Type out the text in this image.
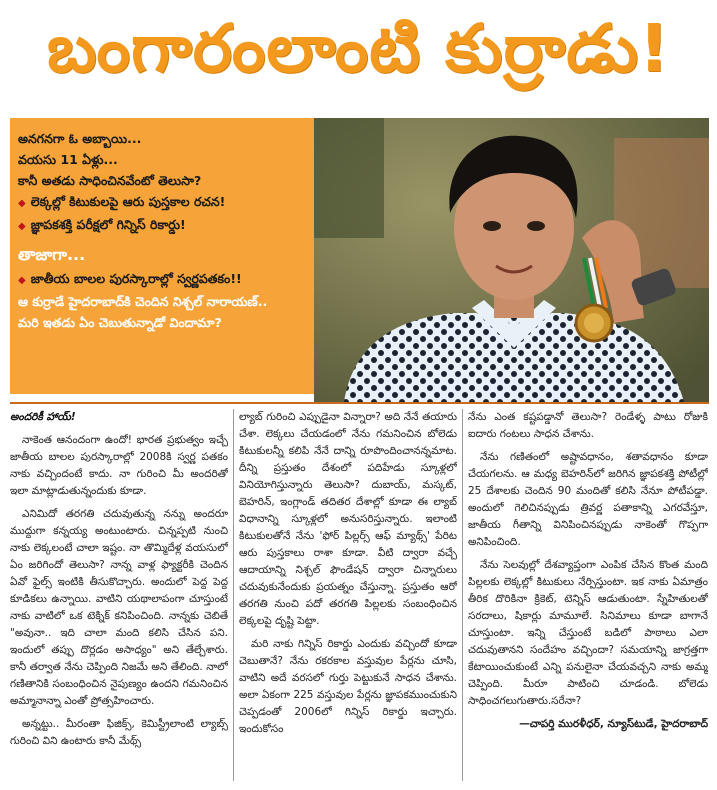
బంగారంలాంటి కుర్రాడు!
అనగనగా ఓ అబ్బాయి...
వయసు 11 ఏళ్లు...
కానీ అతడు సాధించినవేంటో తెలుసా?
◆ లెక్కల్లో కిటుకులపై ఆరు పుస్తకాల రచన!
◆ జ్ఞాపకశక్తి పరీక్షలో గిన్నిస్ రికార్డు!
తాజాగా...
◆ జాతీయ బాలల పురస్కారాల్లో స్వర్ణపతకం!!
ఆ కుర్రాడే హైదరాబాద్‌కి చెందిన నిశ్చల్ నారాయణ్..
మరి ఇతడు ఏం చెబుతున్నాడో విందామా?

అందరికీ హాయ్!

నాకెంత ఆనందంగా ఉందో! భారత ప్రభుత్వం ఇచ్చే జాతీయ బాలల పురస్కారాల్లో 2008కి స్వర్ణ పతకం నాకు వచ్చిందంటే కాదు. నా గురించి మీ అందరితో ఇలా మాట్లాడుతున్నందుకు కూడా.

ఎనిమిదో తరగతి చదువుతున్న నన్ను అందరూ ముద్దుగా కన్నయ్య అంటుంటారు. చిన్నప్పటి నుంచి నాకు లెక్కలంటే చాలా ఇష్టం. నా తొమ్మిదేళ్ల వయసులో ఏం జరిగిందో తెలుసా? నాన్న వాళ్ల ఫ్యాక్టరీకి చెందిన ఏవో ఫైల్స్ ఇంటికి తీసుకొచ్చారు. అందులో పెద్ద పెద్ద కూడికలు ఉన్నాయి. వాటిని యథాలాపంగా చూస్తుంటే నాకు వాటిలో ఒక టెక్నిక్ కనిపించింది. నాన్నకు చెబితే "అవునా.. ఇది చాలా మంది కలిసి చేసిన పని. ఇందులో తప్పు దొర్లడం అసాధ్యం" అని తేల్చేశారు. కానీ తర్వాత నేను చెప్పింది నిజమే అని తేలింది. నాలో గణితానికి సంబంధించిన నైపుణ్యం ఉందని గమనించిన అమ్మానాన్నా ఎంతో ప్రోత్సహించారు.

అన్నట్టు.. మీరంతా ఫిజిక్స్, కెమిస్ట్రీలాంటి ల్యాబ్స్ గురించి విని ఉంటారు కానీ మేథ్స్

ల్యాబ్ గురించి ఎప్పుడైనా విన్నారా? అది నేనే తయారు చేశా. లెక్కలు చేయడంలో నేను గమనించిన బోలెడు కిటుకులన్నీ కలిపి నేనే దాన్ని రూపొందించానన్నమాట. దీన్ని ప్రస్తుతం దేశంలో పదిహేడు స్కూళ్లలో వినియోగిస్తున్నారు తెలుసా? దుబాయ్, మస్కట్, బెహరిన్, ఇంగ్లాండ్ తదితర దేశాల్లో కూడా ఈ ల్యాబ్ విధానాన్ని స్కూళ్లలో అనుసరిస్తున్నారు. ఇలాంటి కిటుకులతోనే నేను 'ఫోర్ పిల్లర్స్ ఆఫ్ మ్యాథ్స్' పేరిట ఆరు పుస్తకాలు రాశా కూడా. వీటి ద్వారా వచ్చే ఆదాయాన్ని నిశ్చల్ ఫౌండేషన్ ద్వారా చిన్నారులు చదువుకునేందుకు ప్రయత్నం చేస్తున్నా. ప్రస్తుతం ఆరో తరగతి నుంచి పదో తరగతి పిల్లలకు సంబంధించిన లెక్కలపై దృష్టి పెట్టా.

మరి నాకు గిన్నిస్ రికార్డు ఎందుకు వచ్చిందో కూడా చెబుతానే? నేను రకరకాల వస్తువుల పేర్లను చూసి, వాటిని అదే వరసలో గుర్తు పెట్టుకునే సాధన చేశాను. అలా ఏకంగా 225 వస్తువుల పేర్లను జ్ఞాపకముంచుకుని చెప్పడంతో 2006లో గిన్నిస్ రికార్డు ఇచ్చారు. ఇందుకోసం

నేను ఎంత కష్టపడ్డానో తెలుసా? రెండేళ్ళ పాటు రోజుకి ఐదారు గంటలు సాధన చేశాను.

నేను గణితంలో అష్టావధానం, శతావధానం కూడా చేయగలను. ఆ మధ్య బెహరిన్‌లో జరిగిన జ్ఞాపకశక్తి పోటీల్లో 25 దేశాలకు చెందిన 90 మందితో కలిసి నేనూ పోటీపడ్డా. అందులో గెలిచినప్పుడు త్రివర్ణ పతాకాన్ని ఎగరవేస్తూ, జాతీయ గీతాన్ని వినిపించినప్పుడు నాకెంతో గొప్పగా అనిపించింది.

నేను సెలవుల్లో దేశవ్యాప్తంగా ఎంపిక చేసిన కొంత మంది పిల్లలకు లెక్కల్లో కిటుకులు నేర్పిస్తుంటా. ఇక నాకు ఏమాత్రం తీరిక దొరికినా క్రికెట్, టెన్నిస్ ఆడుతుంటా. స్నేహితులతో సరదాలు, షికార్లు మామూలే. సినిమాలు కూడా బాగానే చూస్తుంటా. ఇన్ని చేస్తుంటే బడిలో పాఠాలు ఎలా చదువుతానని సందేహం వచ్చిందా? సమయాన్ని జాగ్రత్తగా కేటాయించుకుంటే ఎన్ని పనులైనా చేయవచ్చని నాకు అమ్మ చెప్పింది. మీరూ పాటించి చూడండి. బోలెడు సాధించగలుగుతారు.సరేనా?

—చాపర్తి మురళీధర్, న్యూస్‌టుడే, హైదరాబాద్
